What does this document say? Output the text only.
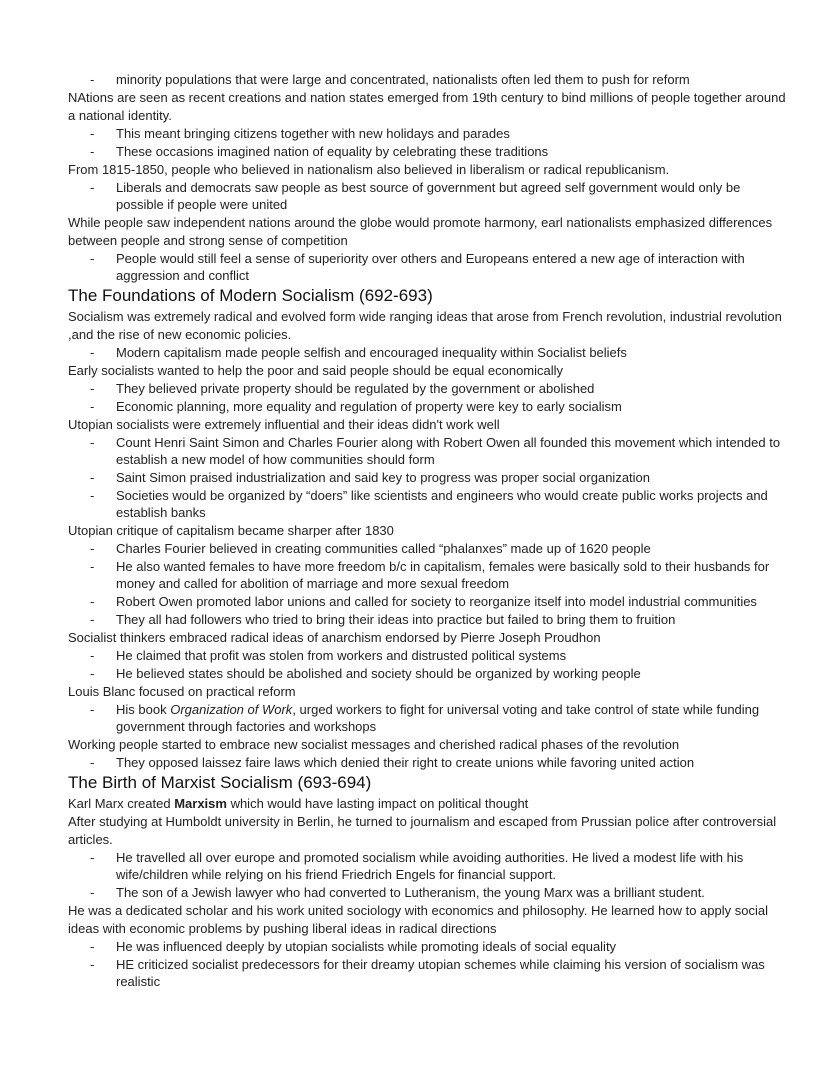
- minority populations that were large and concentrated, nationalists often led them to push for reform

NAtions are seen as recent creations and nation states emerged from 19th century to bind millions of people together around a national identity.

- This meant bringing citizens together with new holidays and parades
- These occasions imagined nation of equality by celebrating these traditions

From 1815-1850, people who believed in nationalism also believed in liberalism or radical republicanism.

- Liberals and democrats saw people as best source of government but agreed self government would only be possible if people were united

While people saw independent nations around the globe would promote harmony, earl nationalists emphasized differences between people and strong sense of competition

- People would still feel a sense of superiority over others and Europeans entered a new age of interaction with aggression and conflict
The Foundations of Modern Socialism (692-693)

Socialism was extremely radical and evolved form wide ranging ideas that arose from French revolution, industrial revolution ,and the rise of new economic policies.

- Modern capitalism made people selfish and encouraged inequality within Socialist beliefs

Early socialists wanted to help the poor and said people should be equal economically

- They believed private property should be regulated by the government or abolished
- Economic planning, more equality and regulation of property were key to early socialism

Utopian socialists were extremely influential and their ideas didn't work well

- Count Henri Saint Simon and Charles Fourier along with Robert Owen all founded this movement which intended to establish a new model of how communities should form
- Saint Simon praised industrialization and said key to progress was proper social organization
- Societies would be organized by “doers” like scientists and engineers who would create public works projects and establish banks

Utopian critique of capitalism became sharper after 1830

- Charles Fourier believed in creating communities called “phalanxes” made up of 1620 people
- He also wanted females to have more freedom b/c in capitalism, females were basically sold to their husbands for money and called for abolition of marriage and more sexual freedom
- Robert Owen promoted labor unions and called for society to reorganize itself into model industrial communities
- They all had followers who tried to bring their ideas into practice but failed to bring them to fruition

Socialist thinkers embraced radical ideas of anarchism endorsed by Pierre Joseph Proudhon

- He claimed that profit was stolen from workers and distrusted political systems
- He believed states should be abolished and society should be organized by working people

Louis Blanc focused on practical reform

- His book Organization of Work, urged workers to fight for universal voting and take control of state while funding government through factories and workshops

Working people started to embrace new socialist messages and cherished radical phases of the revolution

- They opposed laissez faire laws which denied their right to create unions while favoring united action
The Birth of Marxist Socialism (693-694)

Karl Marx created Marxism which would have lasting impact on political thought

After studying at Humboldt university in Berlin, he turned to journalism and escaped from Prussian police after controversial articles.

- He travelled all over europe and promoted socialism while avoiding authorities. He lived a modest life with his wife/children while relying on his friend Friedrich Engels for financial support.
- The son of a Jewish lawyer who had converted to Lutheranism, the young Marx was a brilliant student.

He was a dedicated scholar and his work united sociology with economics and philosophy. He learned how to apply social ideas with economic problems by pushing liberal ideas in radical directions

- He was influenced deeply by utopian socialists while promoting ideals of social equality
- HE criticized socialist predecessors for their dreamy utopian schemes while claiming his version of socialism was realistic
